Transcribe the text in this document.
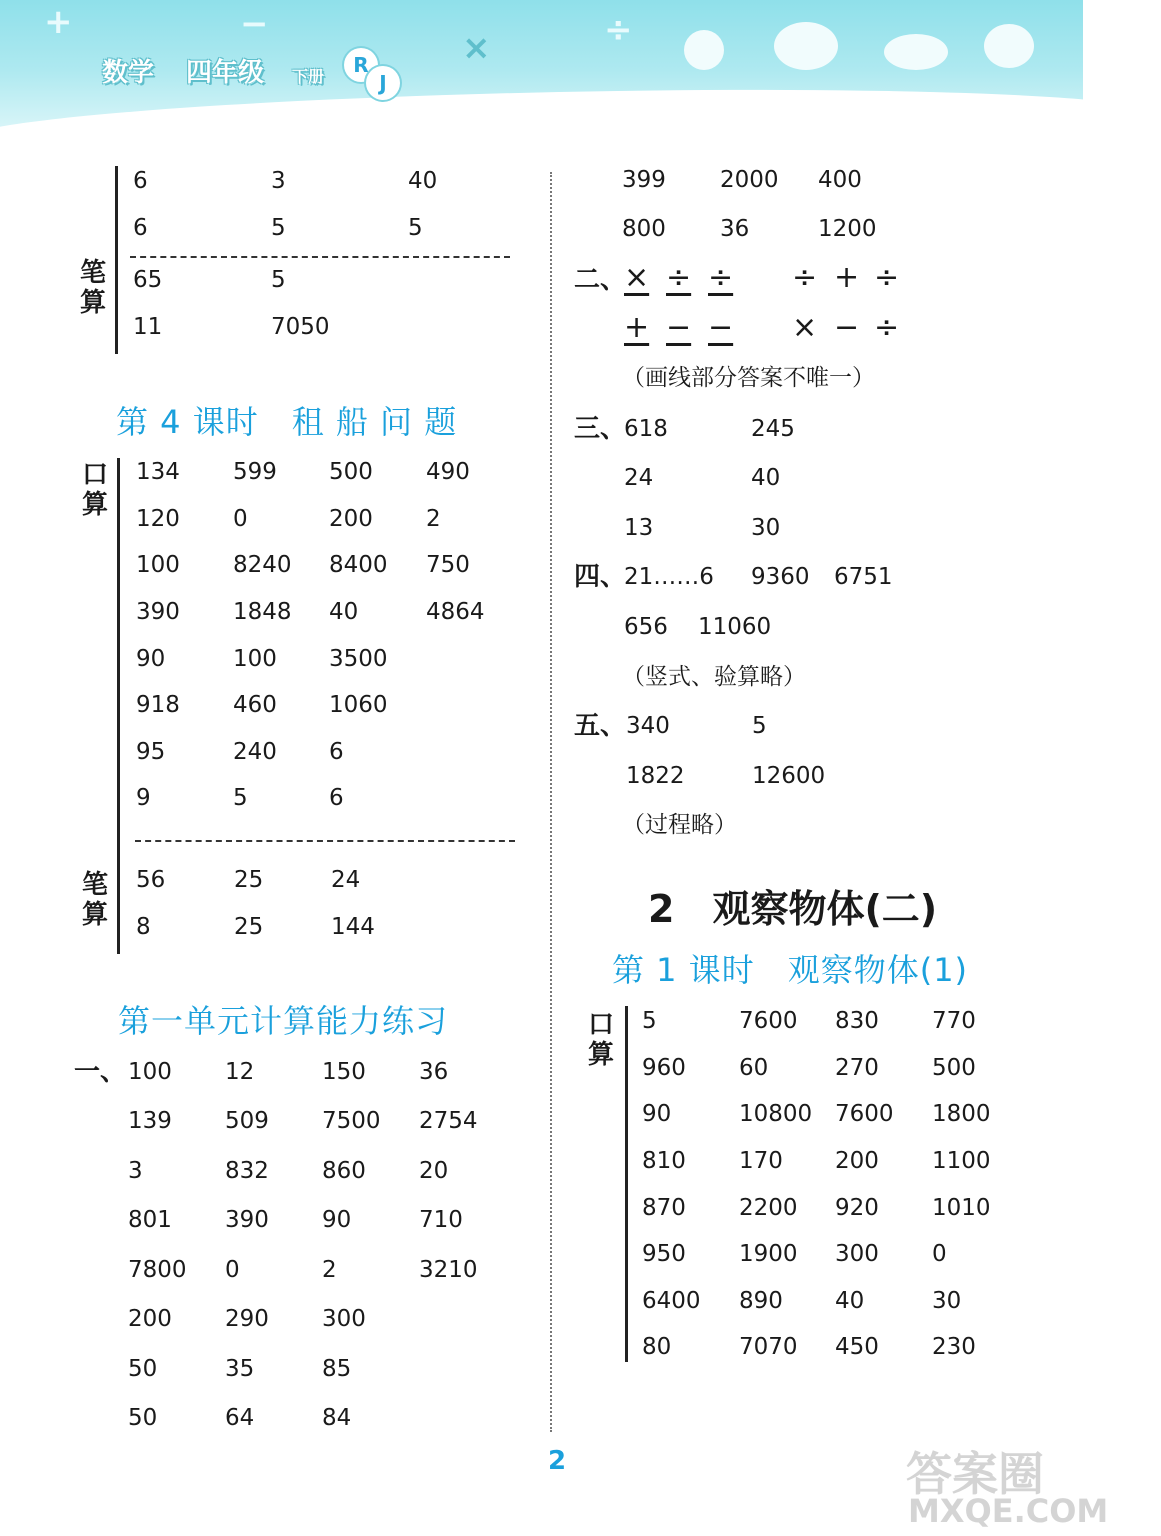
+	−
×	÷
数学 四年级 下册	R
J
笔算
6	3	40
6	5	5
65	5
11	7050
第 4 课时　租 船 问 题
口算
134 599 500 490
120 0	200 2
100 8240 8400 750
390 1848 40	4864
90	100 3500
918 460 1060
95	240 6
9	5	6
笔算
56	25	24
8	25	144
第一单元计算能力练习
一、 100 12	150 36
139 509 7500 2754
3	832 860 20
801 390 90	710
7800 0	2	3210
200 290 300
50	35	85
50	64	84
399 2000 400
800 36	1200
二、
× ÷ ÷ ÷ + ÷
+ − − × − ÷
（画线部分答案不唯一）
三、
618	245
24	40
13	30
四、
21……6 9360 6751
656 11060
（竖式、验算略）
五、 340	5
1822	12600
（过程略）
2　观察物体(二)
第 1 课时　观察物体(1)
口算
5	7600 830 770
960 60	270 500
90	10800 7600 1800
810 170 200 1100
870 2200 920 1010
950 1900 300 0
6400 890 40	30
80	7070 450 230
2	答案圈
MXQE.COM
